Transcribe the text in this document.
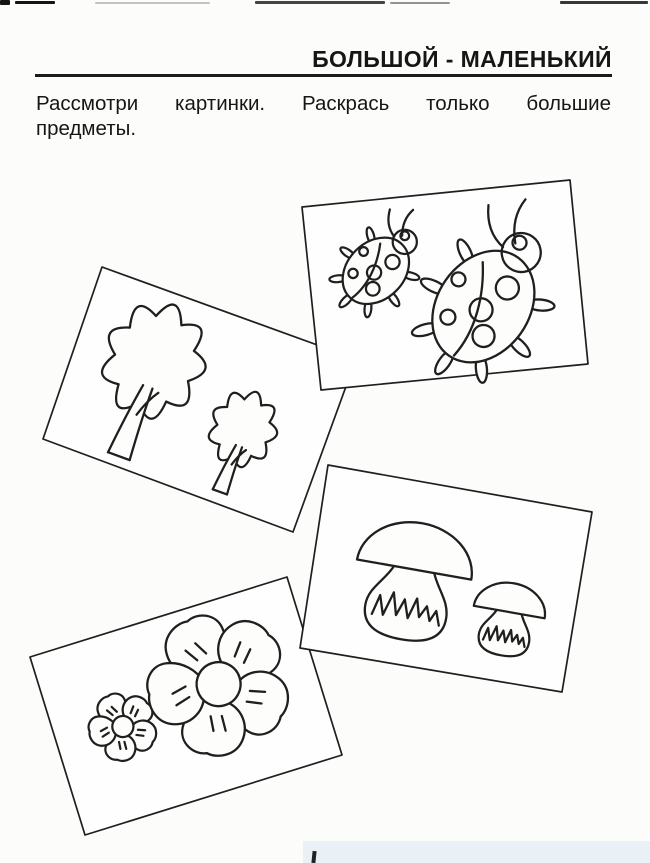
БОЛЬШОЙ - МАЛЕНЬКИЙ

Рассмотри картинки. Раскрась только большие
предметы.
